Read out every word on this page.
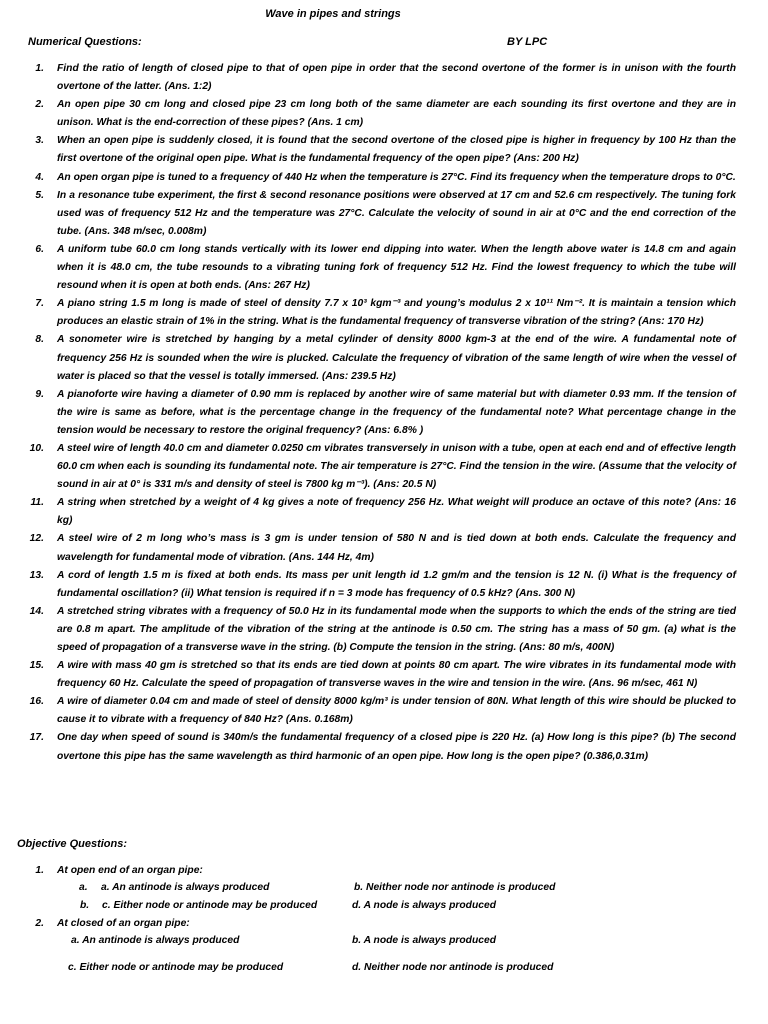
Wave in pipes and strings
Numerical Questions:	BY LPC
1. Find the ratio of length of closed pipe to that of open pipe in order that the second overtone of the former is in unison with the fourth overtone of the latter. (Ans. 1:2)
2. An open pipe 30 cm long and closed pipe 23 cm long both of the same diameter are each sounding its first overtone and they are in unison. What is the end-correction of these pipes? (Ans. 1 cm)
3. When an open pipe is suddenly closed, it is found that the second overtone of the closed pipe is higher in frequency by 100 Hz than the first overtone of the original open pipe. What is the fundamental frequency of the open pipe? (Ans: 200 Hz)
4. An open organ pipe is tuned to a frequency of 440 Hz when the temperature is 27°C. Find its frequency when the temperature drops to 0°C.
5. In a resonance tube experiment, the first & second resonance positions were observed at 17 cm and 52.6 cm respectively. The tuning fork used was of frequency 512 Hz and the temperature was 27°C. Calculate the velocity of sound in air at 0°C and the end correction of the tube. (Ans. 348 m/sec, 0.008m)
6. A uniform tube 60.0 cm long stands vertically with its lower end dipping into water. When the length above water is 14.8 cm and again when it is 48.0 cm, the tube resounds to a vibrating tuning fork of frequency 512 Hz. Find the lowest frequency to which the tube will resound when it is open at both ends. (Ans: 267 Hz)
7. A piano string 1.5 m long is made of steel of density 7.7 x 10³ kgm⁻³ and young’s modulus 2 x 10¹¹ Nm⁻². It is maintain a tension which produces an elastic strain of 1% in the string. What is the fundamental frequency of transverse vibration of the string? (Ans: 170 Hz)
8. A sonometer wire is stretched by hanging by a metal cylinder of density 8000 kgm-3 at the end of the wire. A fundamental note of frequency 256 Hz is sounded when the wire is plucked. Calculate the frequency of vibration of the same length of wire when the vessel of water is placed so that the vessel is totally immersed. (Ans: 239.5 Hz)
9. A pianoforte wire having a diameter of 0.90 mm is replaced by another wire of same material but with diameter 0.93 mm. If the tension of the wire is same as before, what is the percentage change in the frequency of the fundamental note? What percentage change in the tension would be necessary to restore the original frequency? (Ans: 6.8% )
10. A steel wire of length 40.0 cm and diameter 0.0250 cm vibrates transversely in unison with a tube, open at each end and of effective length 60.0 cm when each is sounding its fundamental note. The air temperature is 27°C. Find the tension in the wire. (Assume that the velocity of sound in air at 0° is 331 m/s and density of steel is 7800 kg m⁻³). (Ans: 20.5 N)
11. A string when stretched by a weight of 4 kg gives a note of frequency 256 Hz. What weight will produce an octave of this note? (Ans: 16 kg)
12. A steel wire of 2 m long who’s mass is 3 gm is under tension of 580 N and is tied down at both ends. Calculate the frequency and wavelength for fundamental mode of vibration. (Ans. 144 Hz, 4m)
13. A cord of length 1.5 m is fixed at both ends. Its mass per unit length id 1.2 gm/m and the tension is 12 N. (i) What is the frequency of fundamental oscillation? (ii) What tension is required if n = 3 mode has frequency of 0.5 kHz? (Ans. 300 N)
14. A stretched string vibrates with a frequency of 50.0 Hz in its fundamental mode when the supports to which the ends of the string are tied are 0.8 m apart. The amplitude of the vibration of the string at the antinode is 0.50 cm. The string has a mass of 50 gm. (a) what is the speed of propagation of a transverse wave in the string. (b) Compute the tension in the string. (Ans: 80 m/s, 400N)
15. A wire with mass 40 gm is stretched so that its ends are tied down at points 80 cm apart. The wire vibrates in its fundamental mode with frequency 60 Hz. Calculate the speed of propagation of transverse waves in the wire and tension in the wire. (Ans. 96 m/sec, 461 N)
16. A wire of diameter 0.04 cm and made of steel of density 8000 kg/m³ is under tension of 80N. What length of this wire should be plucked to cause it to vibrate with a frequency of 840 Hz? (Ans. 0.168m)
17. One day when speed of sound is 340m/s the fundamental frequency of a closed pipe is 220 Hz. (a) How long is this pipe? (b) The second overtone this pipe has the same wavelength as third harmonic of an open pipe. How long is the open pipe? (0.386,0.31m)
Objective Questions:
1. At open end of an organ pipe:
a. a. An antinode is always produced	b. Neither node nor antinode is produced
b. c. Either node or antinode may be produced	d. A node is always produced
2. At closed of an organ pipe:
a. An antinode is always produced	b. A node is always produced
c. Either node or antinode may be produced	d. Neither node nor antinode is produced
